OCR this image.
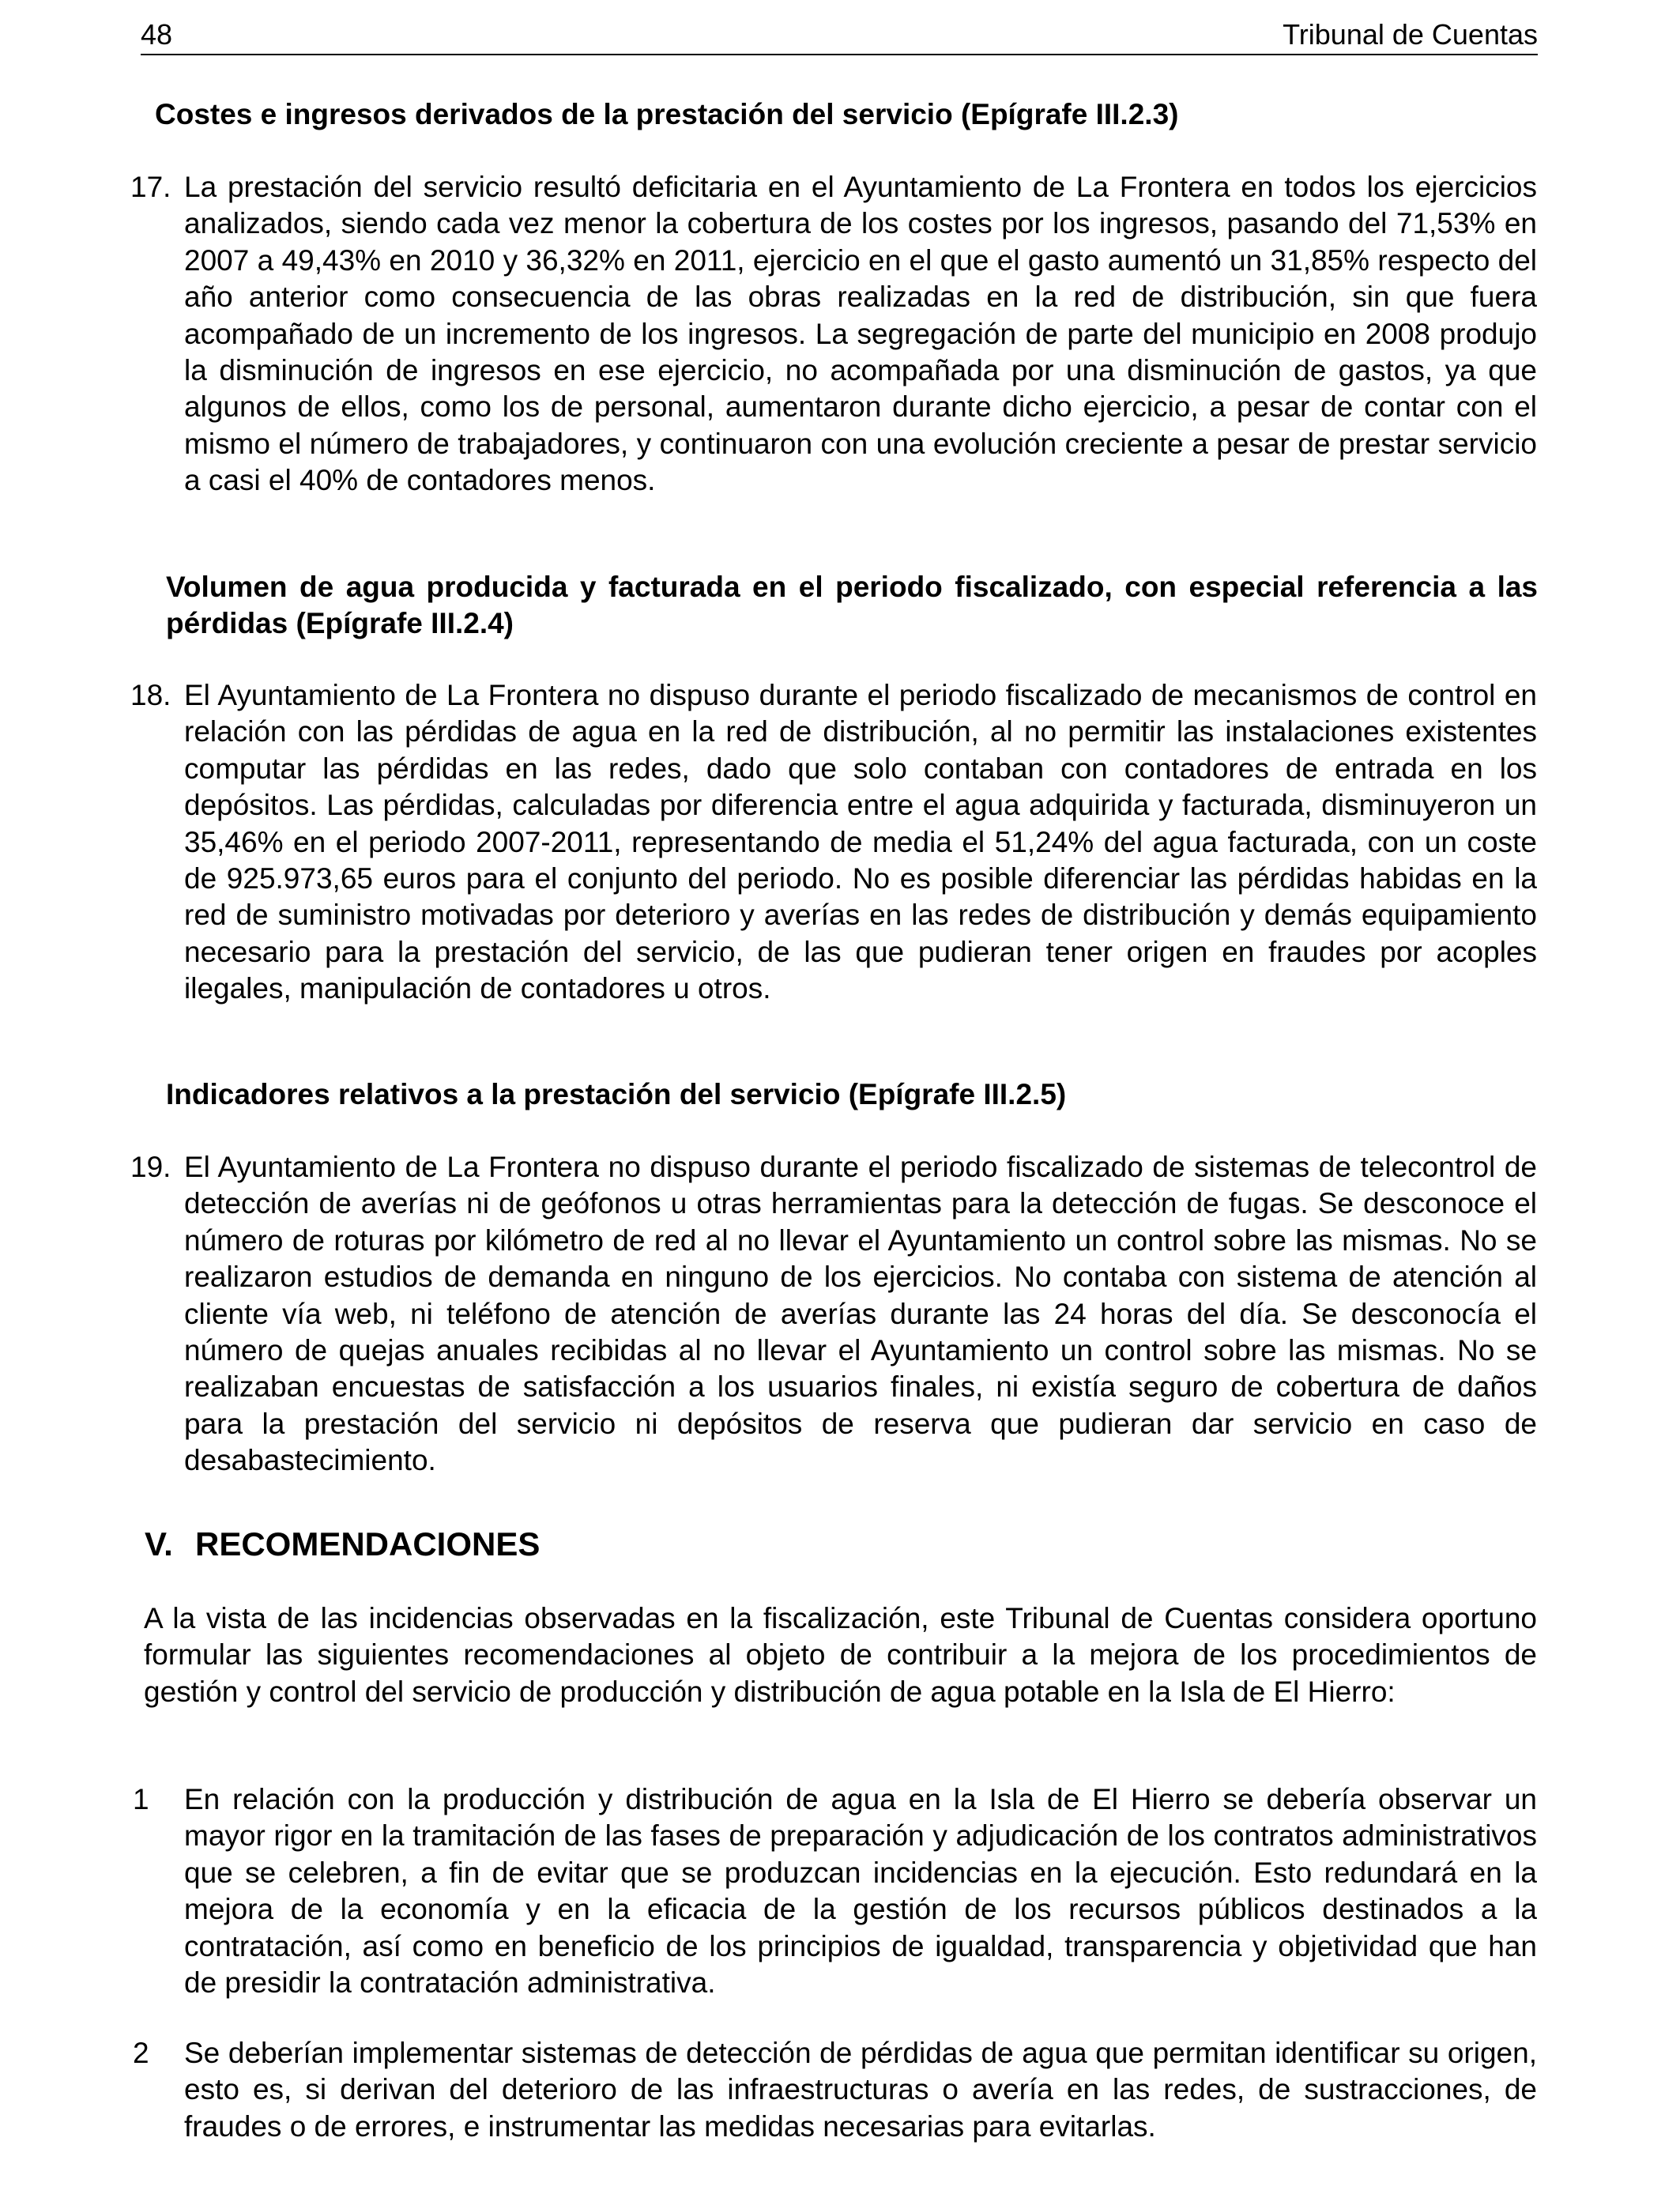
48	Tribunal de Cuentas
Costes e ingresos derivados de la prestación del servicio (Epígrafe III.2.3)
17. La prestación del servicio resultó deficitaria en el Ayuntamiento de La Frontera en todos los ejercicios analizados, siendo cada vez menor la cobertura de los costes por los ingresos, pasando del 71,53% en 2007 a 49,43% en 2010 y 36,32% en 2011, ejercicio en el que el gasto aumentó un 31,85% respecto del año anterior como consecuencia de las obras realizadas en la red de distribución, sin que fuera acompañado de un incremento de los ingresos. La segregación de parte del municipio en 2008 produjo la disminución de ingresos en ese ejercicio, no acompañada por una disminución de gastos, ya que algunos de ellos, como los de personal, aumentaron durante dicho ejercicio, a pesar de contar con el mismo el número de trabajadores, y continuaron con una evolución creciente a pesar de prestar servicio a casi el 40% de contadores menos.

Volumen de agua producida y facturada en el periodo fiscalizado, con especial referencia a las pérdidas (Epígrafe III.2.4)
18. El Ayuntamiento de La Frontera no dispuso durante el periodo fiscalizado de mecanismos de control en relación con las pérdidas de agua en la red de distribución, al no permitir las instalaciones existentes computar las pérdidas en las redes, dado que solo contaban con contadores de entrada en los depósitos. Las pérdidas, calculadas por diferencia entre el agua adquirida y facturada, disminuyeron un 35,46% en el periodo 2007-2011, representando de media el 51,24% del agua facturada, con un coste de 925.973,65 euros para el conjunto del periodo. No es posible diferenciar las pérdidas habidas en la red de suministro motivadas por deterioro y averías en las redes de distribución y demás equipamiento necesario para la prestación del servicio, de las que pudieran tener origen en fraudes por acoples ilegales, manipulación de contadores u otros.

Indicadores relativos a la prestación del servicio (Epígrafe III.2.5)
19. El Ayuntamiento de La Frontera no dispuso durante el periodo fiscalizado de sistemas de telecontrol de detección de averías ni de geófonos u otras herramientas para la detección de fugas. Se desconoce el número de roturas por kilómetro de red al no llevar el Ayuntamiento un control sobre las mismas. No se realizaron estudios de demanda en ninguno de los ejercicios. No contaba con sistema de atención al cliente vía web, ni teléfono de atención de averías durante las 24 horas del día. Se desconocía el número de quejas anuales recibidas al no llevar el Ayuntamiento un control sobre las mismas. No se realizaban encuestas de satisfacción a los usuarios finales, ni existía seguro de cobertura de daños para la prestación del servicio ni depósitos de reserva que pudieran dar servicio en caso de desabastecimiento.

V. RECOMENDACIONES

A la vista de las incidencias observadas en la fiscalización, este Tribunal de Cuentas considera oportuno formular las siguientes recomendaciones al objeto de contribuir a la mejora de los procedimientos de gestión y control del servicio de producción y distribución de agua potable en la Isla de El Hierro:

1 En relación con la producción y distribución de agua en la Isla de El Hierro se debería observar un mayor rigor en la tramitación de las fases de preparación y adjudicación de los contratos administrativos que se celebren, a fin de evitar que se produzcan incidencias en la ejecución. Esto redundará en la mejora de la economía y en la eficacia de la gestión de los recursos públicos destinados a la contratación, así como en beneficio de los principios de igualdad, transparencia y objetividad que han de presidir la contratación administrativa.

2 Se deberían implementar sistemas de detección de pérdidas de agua que permitan identificar su origen, esto es, si derivan del deterioro de las infraestructuras o avería en las redes, de sustracciones, de fraudes o de errores, e instrumentar las medidas necesarias para evitarlas.
